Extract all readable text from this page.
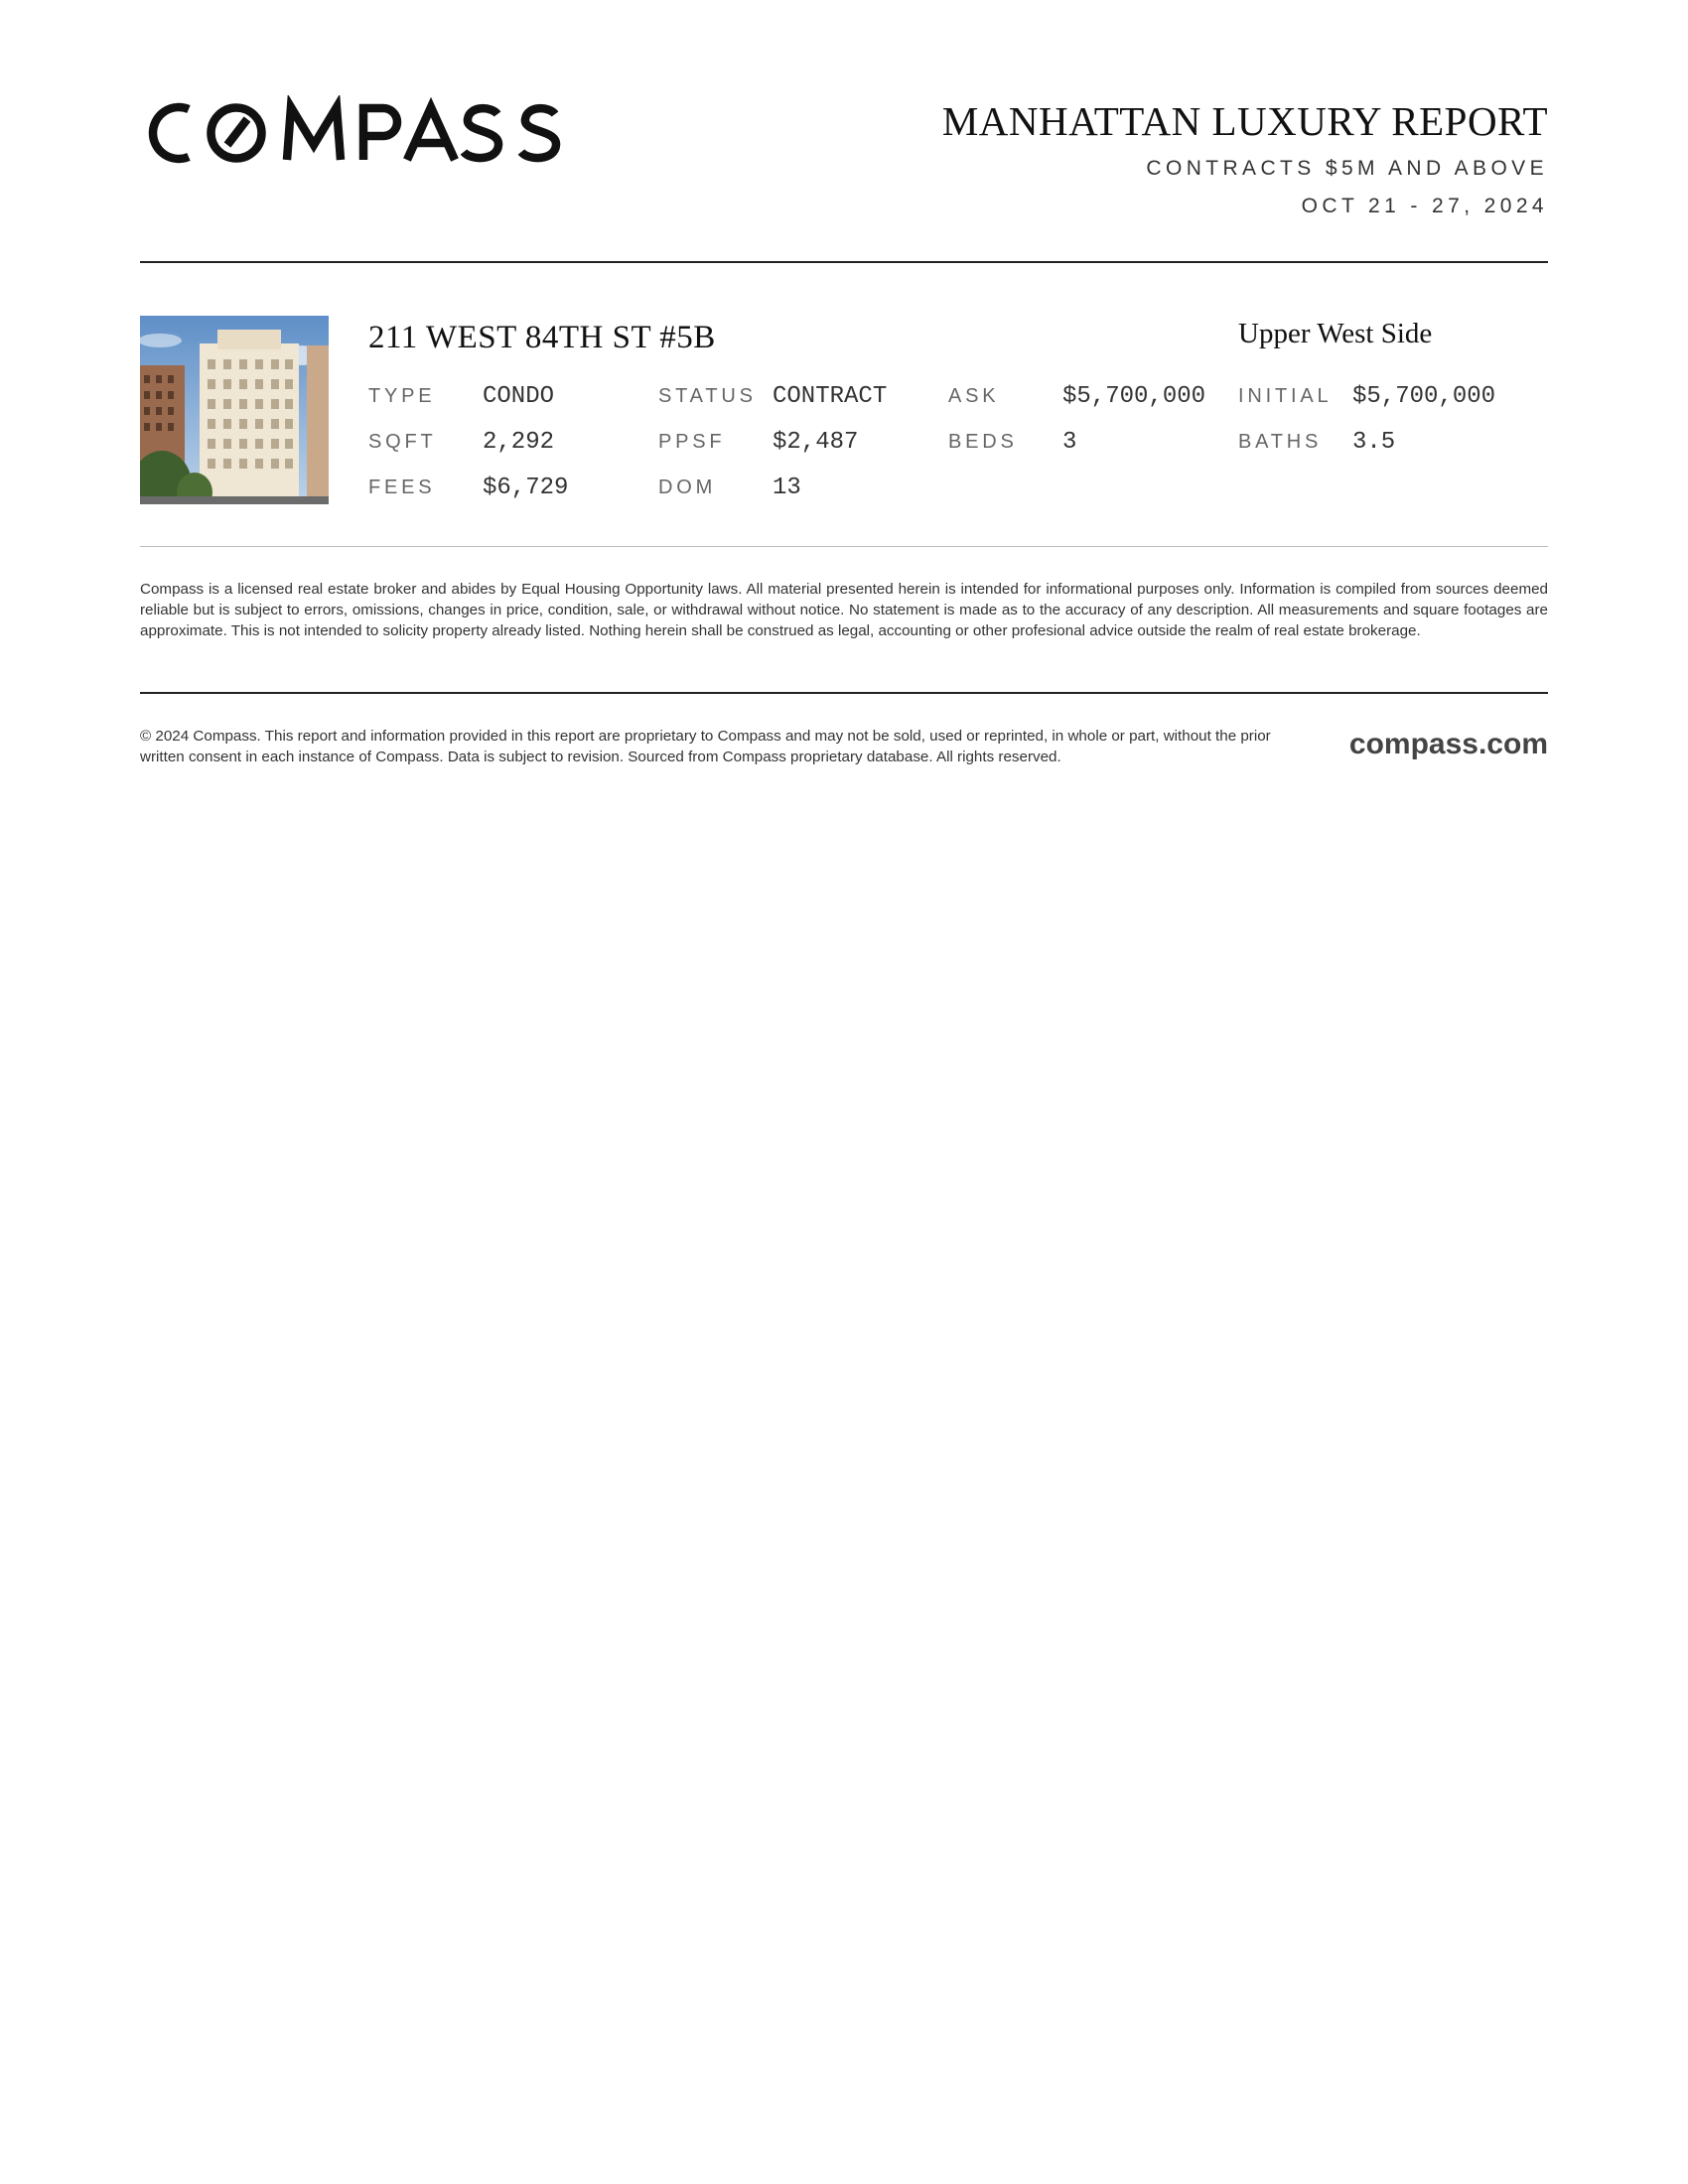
MANHATTAN LUXURY REPORT
CONTRACTS $5M AND ABOVE
OCT 21 - 27, 2024
211 WEST 84TH ST #5B	Upper West Side
TYPE CONDO	STATUS CONTRACT	ASK	$5,700,000 INITIAL $5,700,000
SQFT 2,292	PPSF $2,487	BEDS 3	BATHS 3.5
FEES $6,729	DOM 13

Compass is a licensed real estate broker and abides by Equal Housing Opportunity laws. All material presented herein is intended for informational purposes only. Information is compiled from sources deemed reliable but is subject to errors, omissions, changes in price, condition, sale, or withdrawal without notice. No statement is made as to the accuracy of any description. All measurements and square footages are approximate. This is not intended to solicity property already listed. Nothing herein shall be construed as legal, accounting or other profesional advice outside the realm of real estate brokerage.

© 2024 Compass. This report and information provided in this report are proprietary to Compass and may not be sold, used or reprinted, in whole or part, without the prior written consent in each instance of Compass. Data is subject to revision. Sourced from Compass proprietary database. All rights reserved.	compass.com
